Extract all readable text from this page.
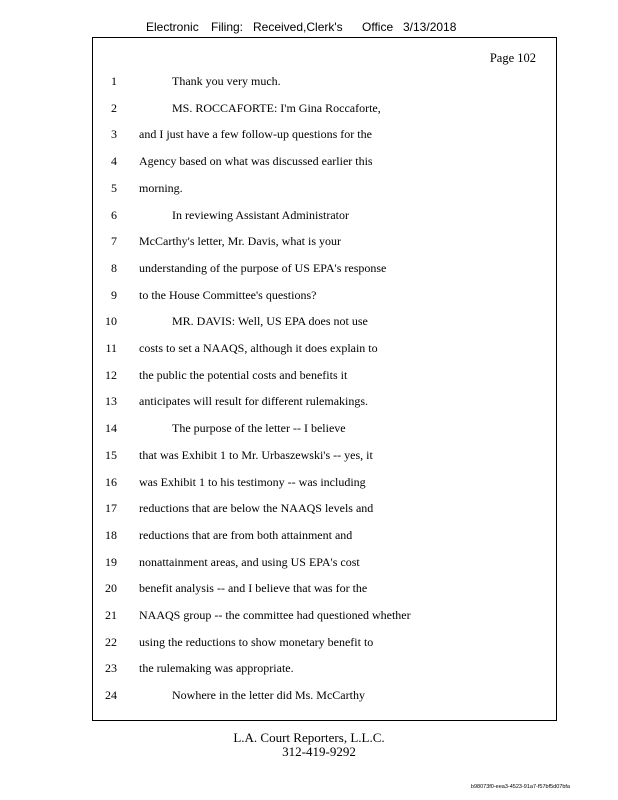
Electronic Filing: Received,Clerk's Office 3/13/2018
Page 102
1	Thank you very much.
2	MS. ROCCAFORTE: I'm Gina Roccaforte,
3 and I just have a few follow-up questions for the
4 Agency based on what was discussed earlier this
5 morning.
6	In reviewing Assistant Administrator
7 McCarthy's letter, Mr. Davis, what is your
8 understanding of the purpose of US EPA's response
9 to the House Committee's questions?
10	MR. DAVIS: Well, US EPA does not use
11 costs to set a NAAQS, although it does explain to
12 the public the potential costs and benefits it
13 anticipates will result for different rulemakings.
14	The purpose of the letter -- I believe
15 that was Exhibit 1 to Mr. Urbaszewski's -- yes, it
16 was Exhibit 1 to his testimony -- was including
17 reductions that are below the NAAQS levels and
18 reductions that are from both attainment and
19 nonattainment areas, and using US EPA's cost
20 benefit analysis -- and I believe that was for the
21 NAAQS group -- the committee had questioned whether
22 using the reductions to show monetary benefit to
23 the rulemaking was appropriate.
24	Nowhere in the letter did Ms. McCarthy
L.A. Court Reporters, L.L.C.
312-419-9292
b98073f0-eea3-4523-91a7-f57bf5d07bfa
